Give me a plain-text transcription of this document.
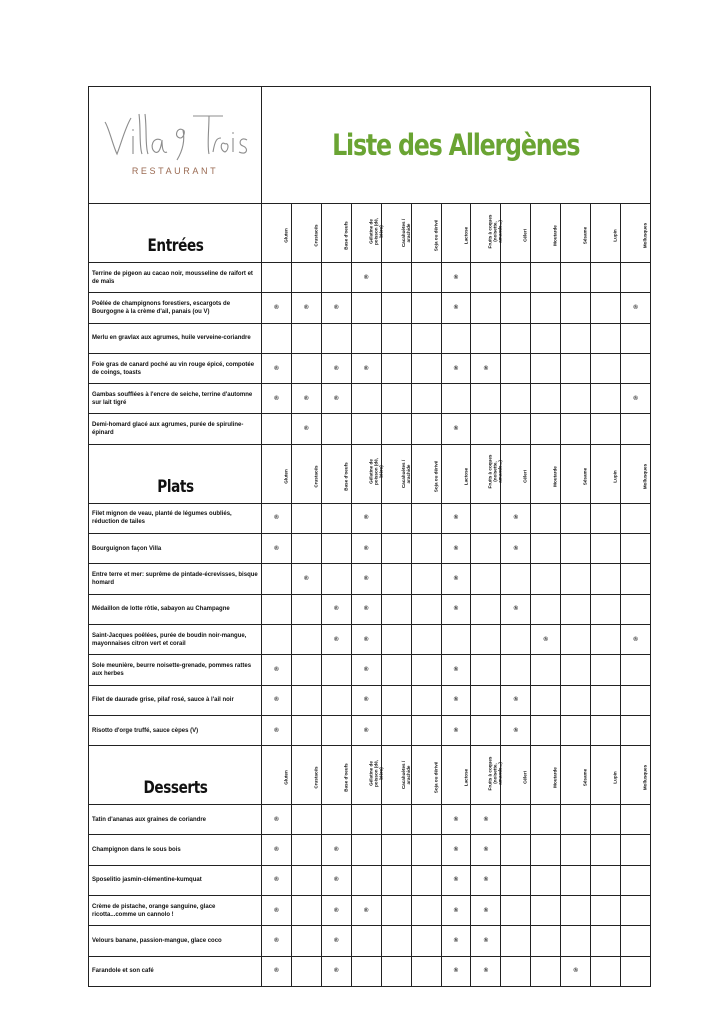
RESTAURANT	Liste des Allergènes												
Entrées	Gluten	Crustacés	Base d'oeufs	Gélatine de
poisson (dé,
bière)	Cacahuètes /
arachide	Soja ou dérivé	Lactose	Fruits à coques
(noisette,
amande...)	Céleri	Moutarde	Sésame	Lupin	Mollusques
Terrine de pigeon au cacao noir, mousseline de raifort et de maïs				®			®						
Poêlée de champignons forestiers, escargots de Bourgogne à la crème d'ail, panais (ou V)	®	®	®				®						®
Merlu en gravlax aux agrumes, huile verveine-coriandre													
Foie gras de canard poché au vin rouge épicé, compotée de coings, toasts	®		®	®			®	®					
Gambas soufflées à l'encre de seiche, terrine d'automne sur lait tigré	®	®	®										®
Demi-homard glacé aux agrumes, purée de spiruline-épinard		®					®						
Plats	Gluten	Crustacés	Base d'oeufs	Gélatine de
poisson (dé,
bière)	Cacahuètes /
arachide	Soja ou dérivé	Lactose	Fruits à coques
(noisette,
amande...)	Céleri	Moutarde	Sésame	Lupin	Mollusques
Filet mignon de veau, planté de légumes oubliés, réduction de tailes	®			®			®		®				
Bourguignon façon Villa	®			®			®		®				
Entre terre et mer: suprême de pintade-écrevisses, bisque homard		®		®			®						
Médaillon de lotte rôtie, sabayon au Champagne			®	®			®		®				
Saint-Jacques poêlées, purée de boudin noir-mangue, mayonnaises citron vert et corail			®	®						®			®
Sole meunière, beurre noisette-grenade, pommes rattes aux herbes	®			®			®						
Filet de daurade grise, pilaf rosé, sauce à l'ail noir	®			®			®		®				
Risotto d'orge truffé, sauce cèpes (V)	®			®			®		®				
Desserts	Gluten	Crustacés	Base d'oeufs	Gélatine de
poisson (dé,
bière)	Cacahuètes /
arachide	Soja ou dérivé	Lactose	Fruits à coques
(noisette,
amande...)	Céleri	Moutarde	Sésame	Lupin	Mollusques
Tatin d'ananas aux graines de coriandre	®						®	®					
Champignon dans le sous bois	®		®				®	®					
Sposelitio jasmin-clémentine-kumquat	®		®				®	®					
Crème de pistache, orange sanguine, glace ricotta...comme un cannolo !	®		®	®			®	®					
Velours banane, passion-mangue, glace coco	®		®				®	®					
Farandole et son café	®		®				®	®			®		
